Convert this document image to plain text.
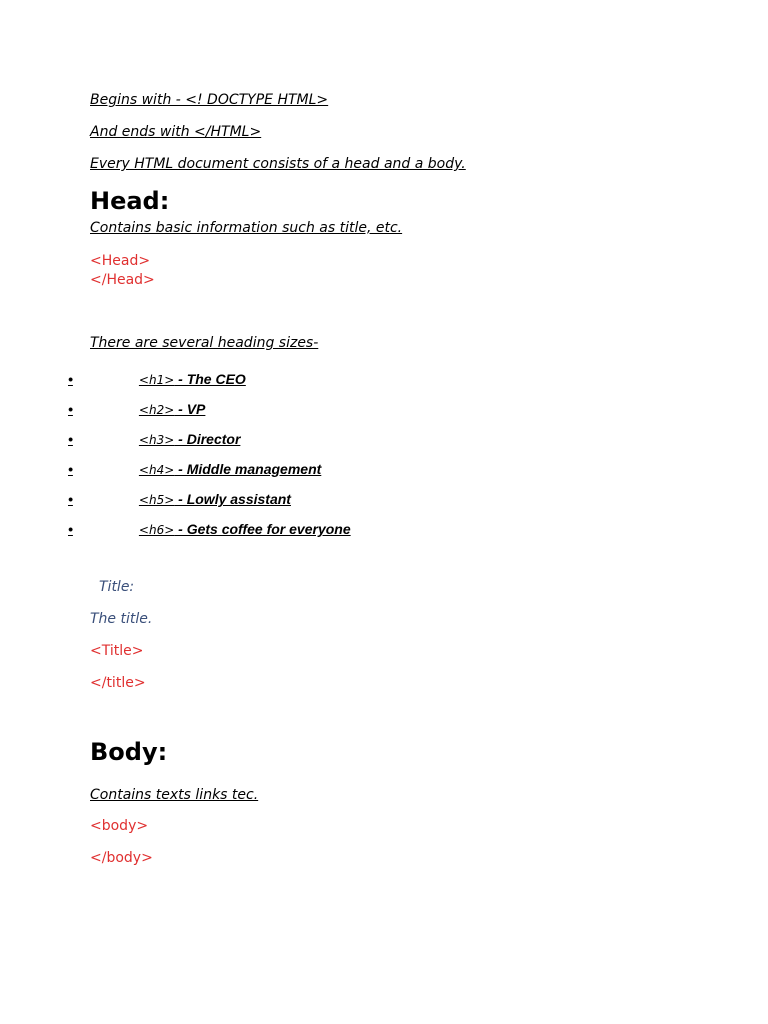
Begins with - <! DOCTYPE HTML>
And ends with </HTML>
Every HTML document consists of a head and a body.
Head:
Contains basic information such as title, etc.
<Head>
</Head>
There are several heading sizes-
•	<h1> - The CEO
•	<h2> - VP
•	<h3> - Director
•	<h4> - Middle management
•	<h5> - Lowly assistant
•	<h6> - Gets coffee for everyone
Title:
The title.
<Title>
</title>
Body:
Contains texts links tec.
<body>
</body>
